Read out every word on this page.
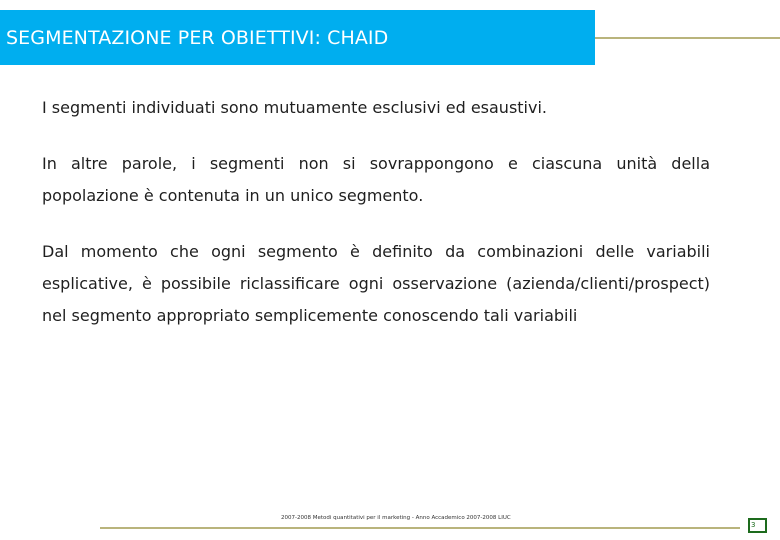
SEGMENTAZIONE PER OBIETTIVI: CHAID

I segmenti individuati sono mutuamente esclusivi ed esaustivi.

In altre parole, i segmenti non si sovrappongono e ciascuna unità della popolazione è contenuta in un unico segmento.

Dal momento che ogni segmento è definito da combinazioni delle variabili esplicative, è possibile riclassificare ogni osservazione (azienda/clienti/prospect) nel segmento appropriato semplicemente conoscendo tali variabili

2007-2008 Metodi quantitativi per il marketing - Anno Accademico 2007-2008 LIUC
3
